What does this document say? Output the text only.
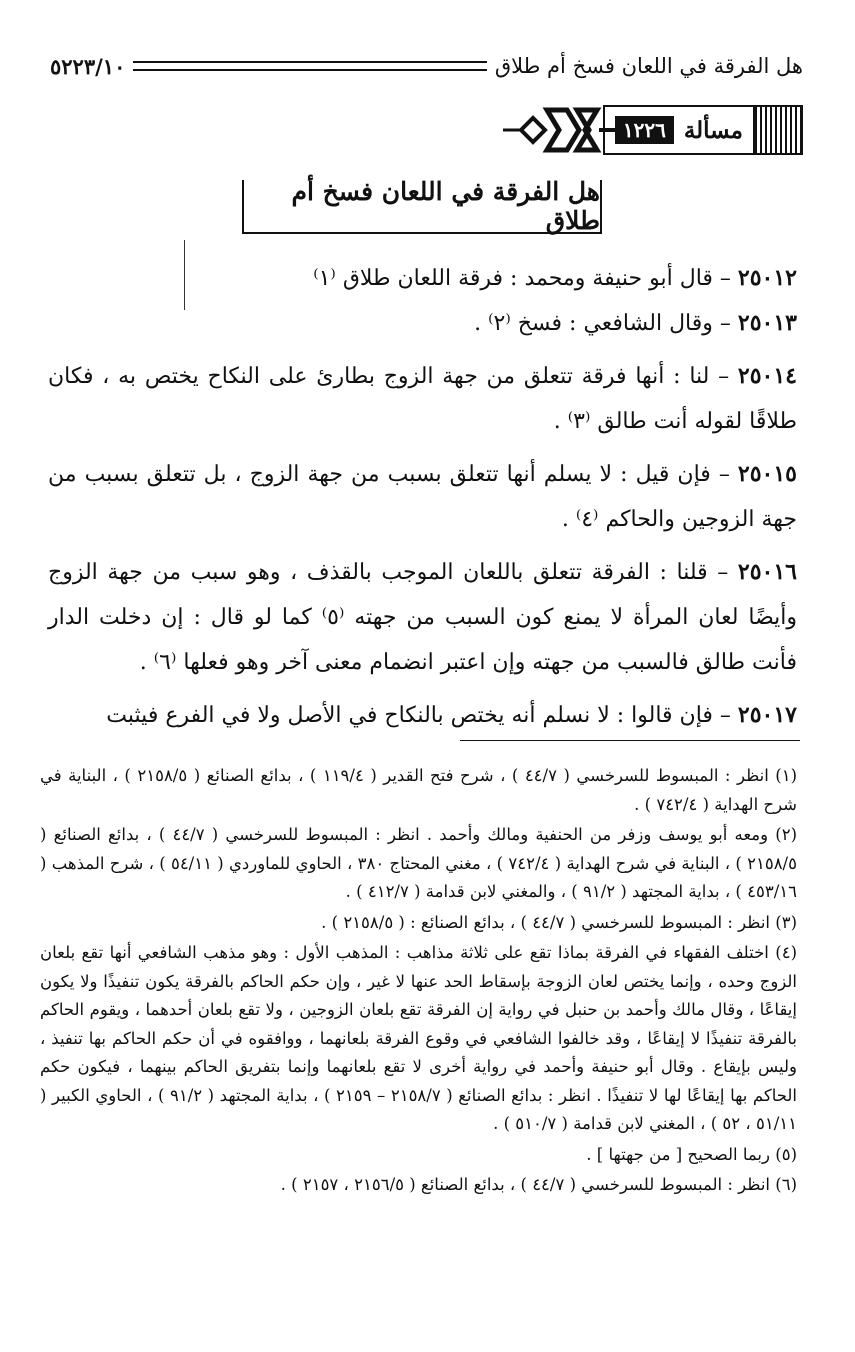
هل الفرقة في اللعان فسخ أم طلاق
٥٢٢٣/١٠
مسألة
١٢٢٦
هل الفرقة في اللعان فسخ أم طلاق

٢٥٠١٢ – قال أبو حنيفة ومحمد : فرقة اللعان طلاق ⁽١⁾

٢٥٠١٣ – وقال الشافعي : فسخ ⁽٢⁾ .

٢٥٠١٤ – لنا : أنها فرقة تتعلق من جهة الزوج بطارئ على النكاح يختص به ، فكان طلاقًا لقوله أنت طالق ⁽٣⁾ .

٢٥٠١٥ – فإن قيل : لا يسلم أنها تتعلق بسبب من جهة الزوج ، بل تتعلق بسبب من جهة الزوجين والحاكم ⁽٤⁾ .

٢٥٠١٦ – قلنا : الفرقة تتعلق باللعان الموجب بالقذف ، وهو سبب من جهة الزوج وأيضًا لعان المرأة لا يمنع كون السبب من جهته ⁽٥⁾ كما لو قال : إن دخلت الدار فأنت طالق فالسبب من جهته وإن اعتبر انضمام معنى آخر وهو فعلها ⁽٦⁾ .

٢٥٠١٧ – فإن قالوا : لا نسلم أنه يختص بالنكاح في الأصل ولا في الفرع فيثبت

(١) انظر : المبسوط للسرخسي ( ٤٤/٧ ) ، شرح فتح القدير ( ١١٩/٤ ) ، بدائع الصنائع ( ٢١٥٨/٥ ) ، البناية في شرح الهداية ( ٧٤٢/٤ ) .

(٢) ومعه أبو يوسف وزفر من الحنفية ومالك وأحمد . انظر : المبسوط للسرخسي ( ٤٤/٧ ) ، بدائع الصنائع ( ٢١٥٨/٥ ) ، البناية في شرح الهداية ( ٧٤٢/٤ ) ، مغني المحتاج ٣٨٠ ، الحاوي للماوردي ( ٥٤/١١ ) ، شرح المذهب ( ٤٥٣/١٦ ) ، بداية المجتهد ( ٩١/٢ ) ، والمغني لابن قدامة ( ٤١٢/٧ ) .

(٣) انظر : المبسوط للسرخسي ( ٤٤/٧ ) ، بدائع الصنائع : ( ٢١٥٨/٥ ) .

(٤) اختلف الفقهاء في الفرقة بماذا تقع على ثلاثة مذاهب : المذهب الأول : وهو مذهب الشافعي أنها تقع بلعان الزوج وحده ، وإنما يختص لعان الزوجة بإسقاط الحد عنها لا غير ، وإن حكم الحاكم بالفرقة يكون تنفيذًا ولا يكون إيقاعًا ، وقال مالك وأحمد بن حنبل في رواية إن الفرقة تقع بلعان الزوجين ، ولا تقع بلعان أحدهما ، ويقوم الحاكم بالفرقة تنفيذًا لا إيقاعًا ، وقد خالفوا الشافعي في وقوع الفرقة بلعانهما ، ووافقوه في أن حكم الحاكم بها تنفيذ ، وليس بإيقاع . وقال أبو حنيفة وأحمد في رواية أخرى لا تقع بلعانهما وإنما بتفريق الحاكم بينهما ، فيكون حكم الحاكم بها إيقاعًا لها لا تنفيذًا . انظر : بدائع الصنائع ( ٢١٥٨/٧ – ٢١٥٩ ) ، بداية المجتهد ( ٩١/٢ ) ، الحاوي الكبير ( ٥١/١١ ، ٥٢ ) ، المغني لابن قدامة ( ٥١٠/٧ ) .

(٥) ربما الصحيح [ من جهتها ] .

(٦) انظر : المبسوط للسرخسي ( ٤٤/٧ ) ، بدائع الصنائع ( ٢١٥٦/٥ ، ٢١٥٧ ) .
